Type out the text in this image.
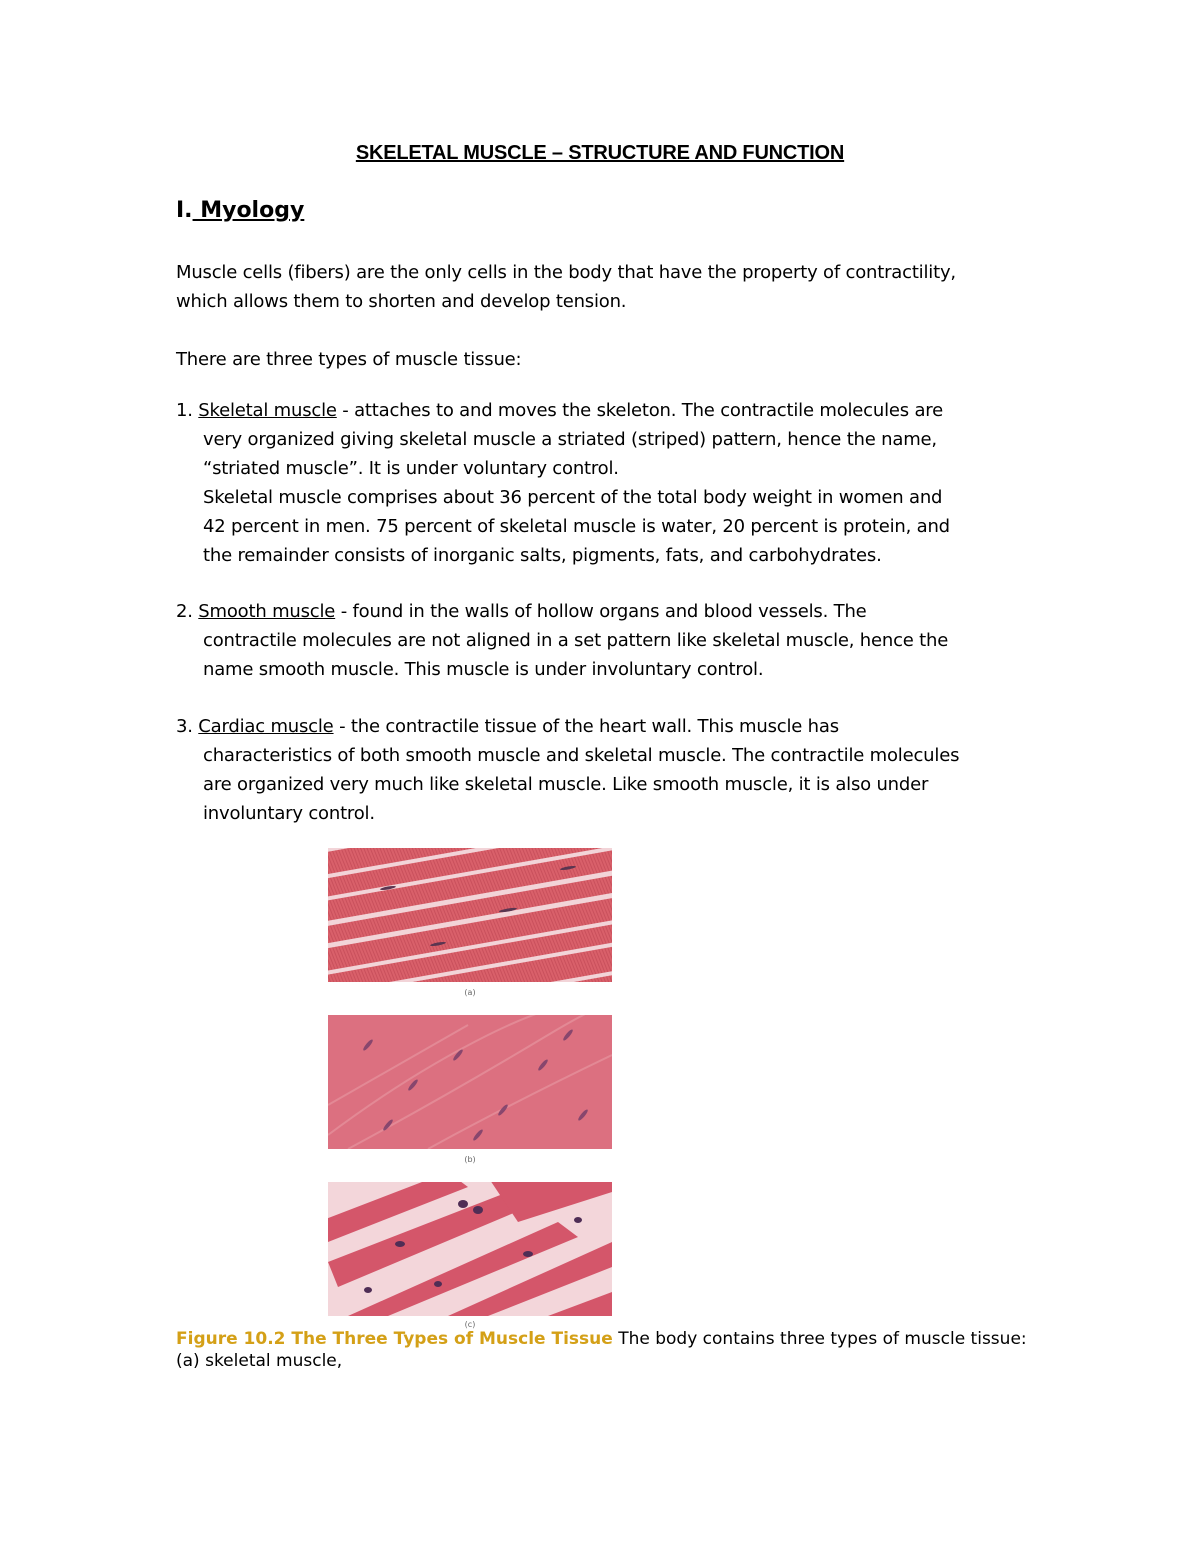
SKELETAL MUSCLE – STRUCTURE AND FUNCTION
I. Myology
Muscle cells (fibers) are the only cells in the body that have the property of contractility,
which allows them to shorten and develop tension.
There are three types of muscle tissue:
1. Skeletal muscle - attaches to and moves the skeleton. The contractile molecules are
very organized giving skeletal muscle a striated (striped) pattern, hence the name,
“striated muscle”. It is under voluntary control.
Skeletal muscle comprises about 36 percent of the total body weight in women and
42 percent in men. 75 percent of skeletal muscle is water, 20 percent is protein, and
the remainder consists of inorganic salts, pigments, fats, and carbohydrates.
2. Smooth muscle - found in the walls of hollow organs and blood vessels. The
contractile molecules are not aligned in a set pattern like skeletal muscle, hence the
name smooth muscle. This muscle is under involuntary control.
3. Cardiac muscle - the contractile tissue of the heart wall. This muscle has
characteristics of both smooth muscle and skeletal muscle. The contractile molecules
are organized very much like skeletal muscle. Like smooth muscle, it is also under
involuntary control.
(a)
(b)
(c)
Figure 10.2 The Three Types of Muscle Tissue The body contains three types of muscle tissue: (a) skeletal muscle,
